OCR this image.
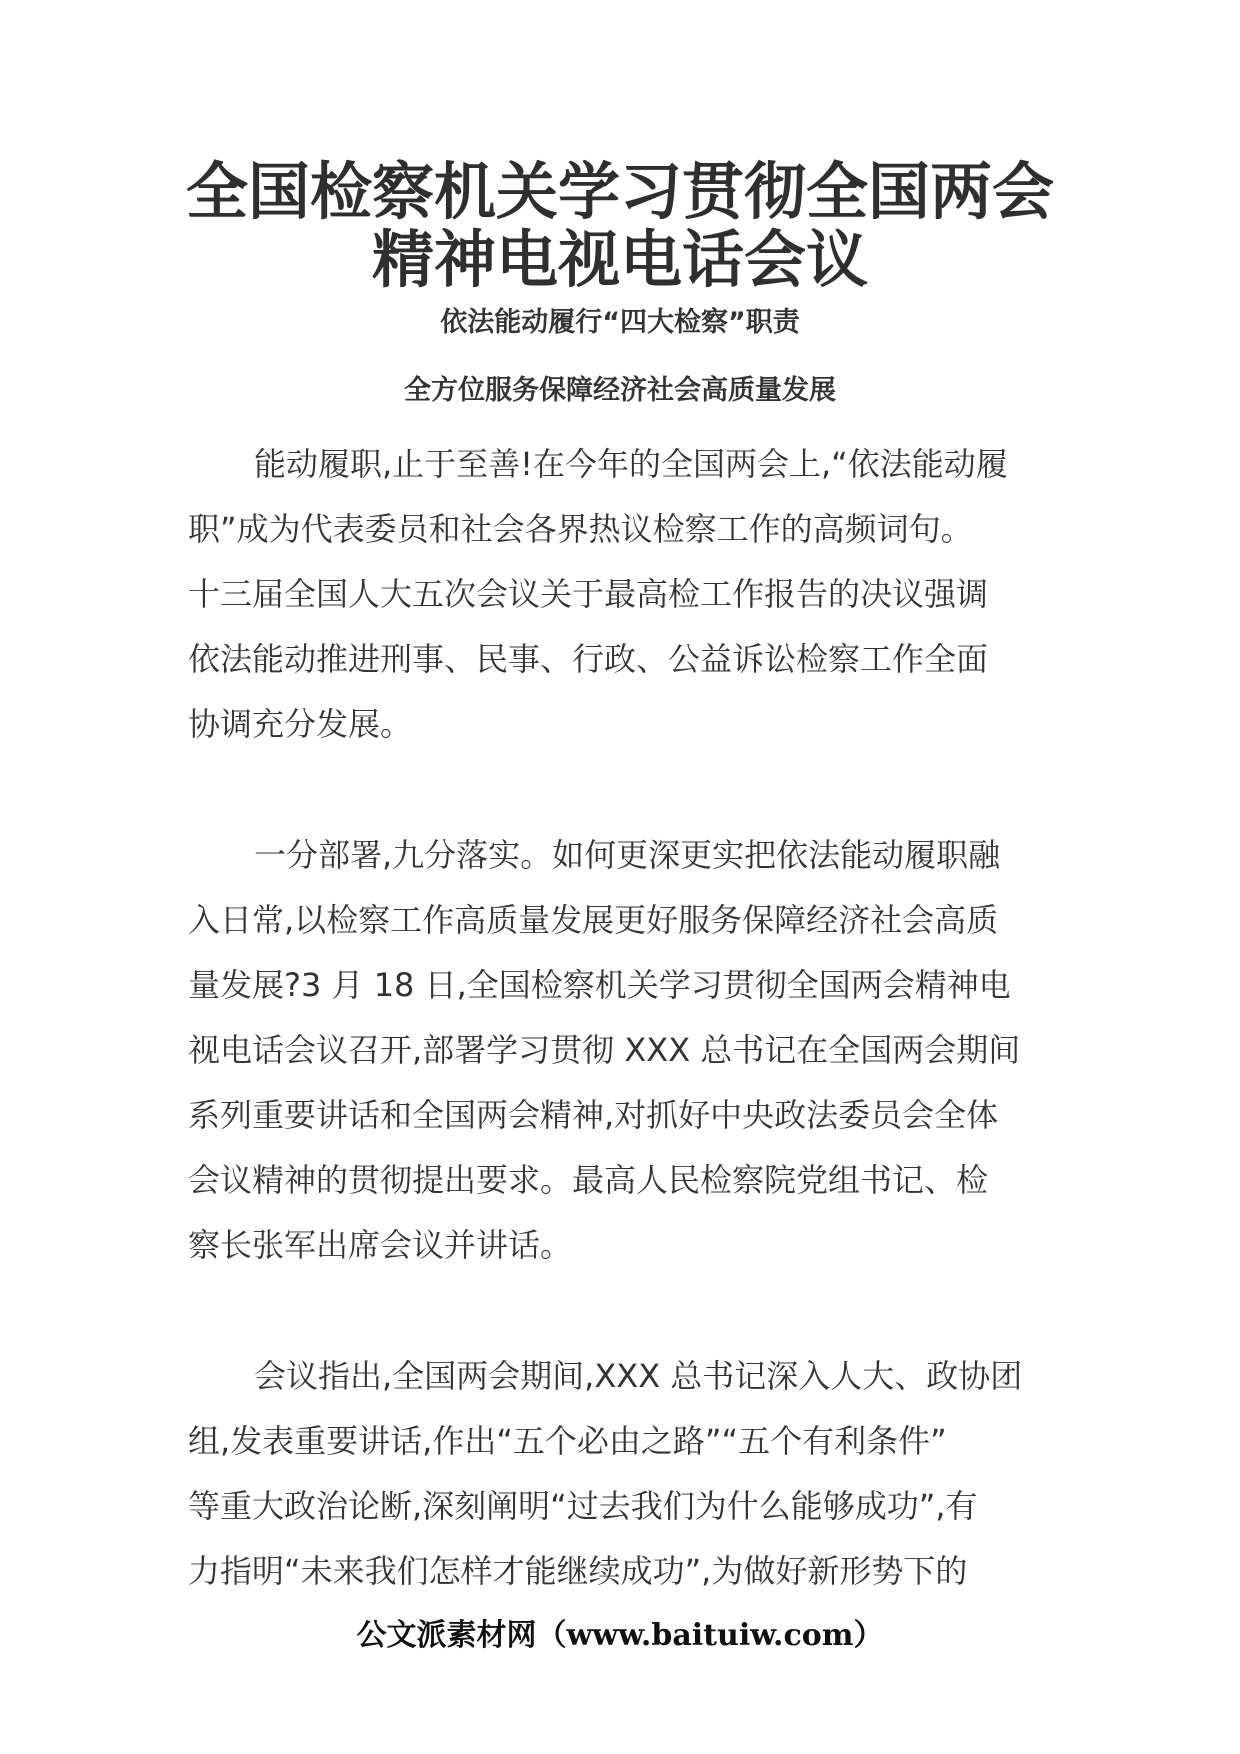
全国检察机关学习贯彻全国两会
精神电视电话会议

依法能动履行“四大检察”职责

全方位服务保障经济社会高质量发展

能动履职,止于至善!在今年的全国两会上,“依法能动履
职”成为代表委员和社会各界热议检察工作的高频词句。
十三届全国人大五次会议关于最高检工作报告的决议强调
依法能动推进刑事、民事、行政、公益诉讼检察工作全面
协调充分发展。

一分部署,九分落实。如何更深更实把依法能动履职融
入日常,以检察工作高质量发展更好服务保障经济社会高质
量发展?3 月 18 日,全国检察机关学习贯彻全国两会精神电
视电话会议召开,部署学习贯彻 XXX 总书记在全国两会期间
系列重要讲话和全国两会精神,对抓好中央政法委员会全体
会议精神的贯彻提出要求。最高人民检察院党组书记、检
察长张军出席会议并讲话。

会议指出,全国两会期间,XXX 总书记深入人大、政协团
组,发表重要讲话,作出“五个必由之路”“五个有利条件”
等重大政治论断,深刻阐明“过去我们为什么能够成功”,有
力指明“未来我们怎样才能继续成功”,为做好新形势下的

公文派素材网（www.baituiw.com）
